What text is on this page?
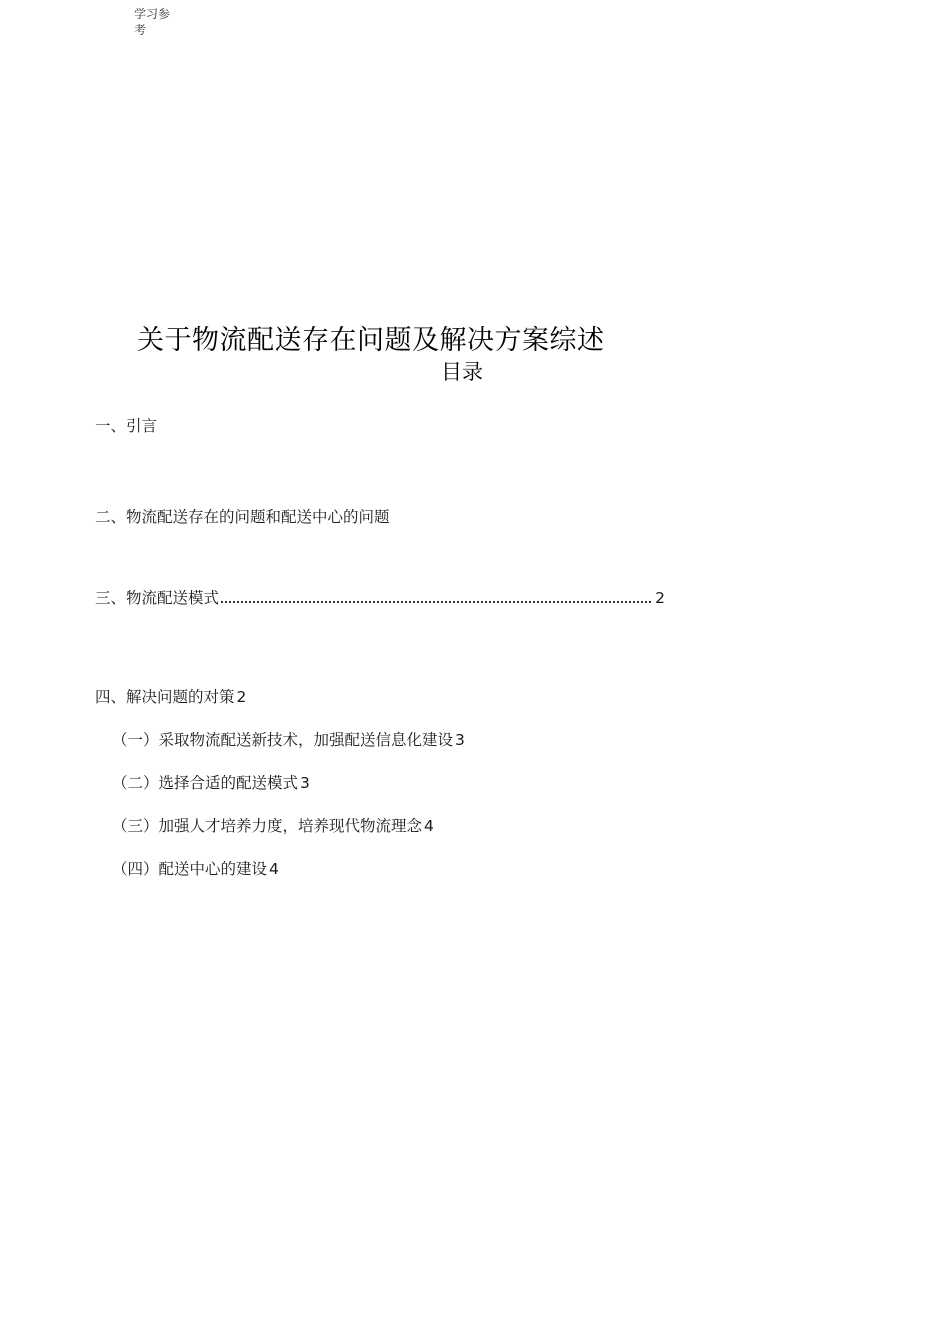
学习参考
关于物流配送存在问题及解决方案综述
目录
一、引言
二、物流配送存在的问题和配送中心的问题
三、物流配送模式	2
四、解决问题的对策 2
（一）采取物流配送新技术，加强配送信息化建设 3
（二）选择合适的配送模式 3
（三）加强人才培养力度，培养现代物流理念 4
（四）配送中心的建设 4
